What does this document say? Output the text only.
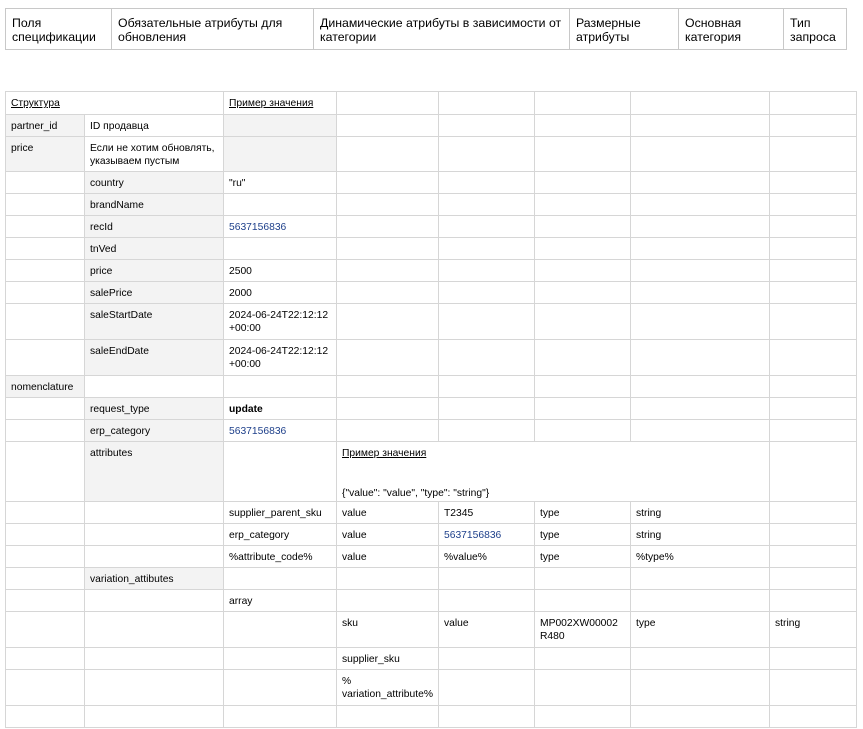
Поля спецификации	Обязательные атрибуты для обновления	Динамические атрибуты в зависимости от категории	Размерные атрибуты	Основная категория	Тип запроса
Структура		Пример значения					
partner_id	ID продавца						
price	Если не хотим обновлять, указываем пустым						
	country	"ru"					
	brandName						
	recId	5637156836					
	tnVed						
	price	2500					
	salePrice	2000					
	saleStartDate	2024-06-24T22:12:12+00:00					
	saleEndDate	2024-06-24T22:12:12+00:00					
nomenclature							
	request_type	update					
	erp_category	5637156836					
	attributes		Пример значения
{"value": "value", "type": "string"}				

		supplier_parent_sku	value	T2345	type	string	
		erp_category	value	5637156836	type	string	
		%attribute_code%	value	%value%	type	%type%	
	variation_attibutes						
		array					
			sku	value	MP002XW00002R480	type	string
			supplier_sku				
			% variation_attribute%				
